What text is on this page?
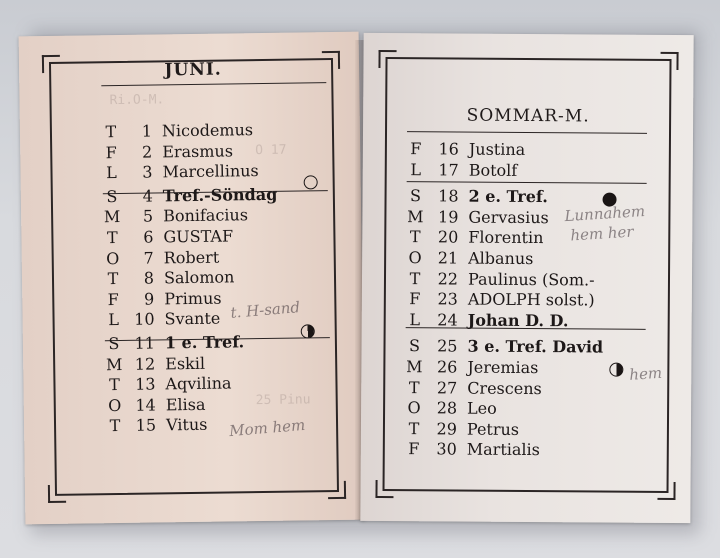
Ri.O-M.
O 17
25 Pinu
JUNI.
T	1 Nicodemus
F	2 Erasmus
L	3 Marcellinus
S	4 Tref.-Söndag
M	5 Bonifacius
T	6 GUSTAF
O	7 Robert
T	8 Salomon
F	9 Primus
L 10 Svante
S 11 1 e. Tref.
M 12 Eskil
T 13 Aqvilina
O 14 Elisa
T 15 Vitus
t. H-sand
Mom hem
SOMMAR-M.
F	16 Justina
L	17 Botolf
S	18 2 e. Tref.
M 19 Gervasius
T	20 Florentin
O 21 Albanus
T	22 Paulinus (Som.-
F	23 ADOLPH solst.)
L	24 Johan D. D.
S	25 3 e. Tref. David
M 26 Jeremias
T	27 Crescens
O 28 Leo
T	29 Petrus
F	30 Martialis
Lunnahem
hem her
hem
